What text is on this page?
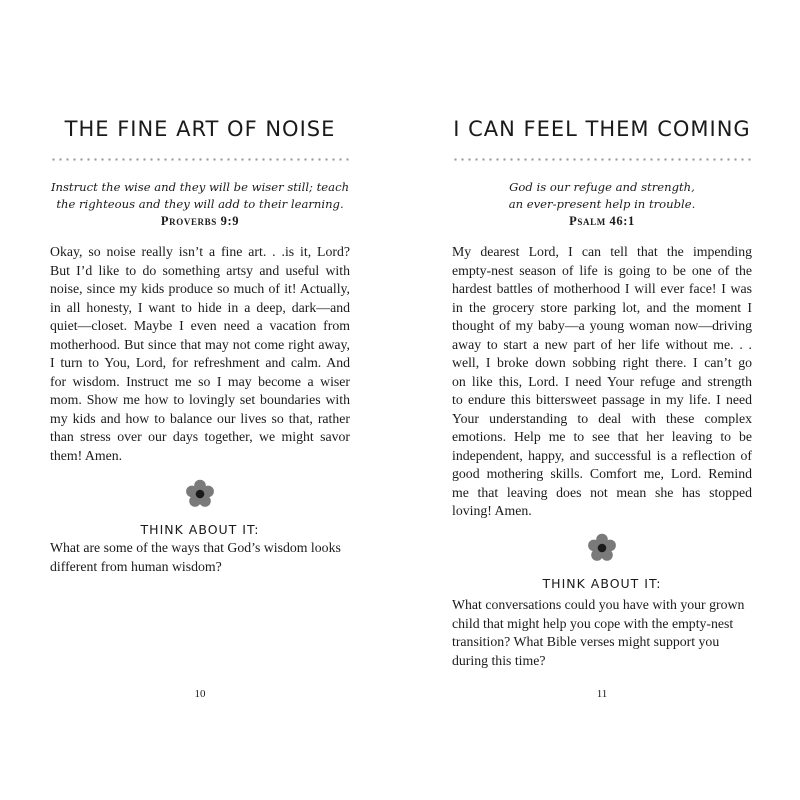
THE FINE ART OF NOISE
Instruct the wise and they will be wiser still; teach
the righteous and they will add to their learning.
Proverbs 9:9
Okay, so noise really isn’t a fine art. . .is it, Lord?
But I’d like to do something artsy and useful with
noise, since my kids produce so much of it! Actually,
in all honesty, I want to hide in a deep, dark—and
quiet—closet. Maybe I even need a vacation from
motherhood. But since that may not come right away,
I turn to You, Lord, for refreshment and calm. And
for wisdom. Instruct me so I may become a wiser
mom. Show me how to lovingly set boundaries with
my kids and how to balance our lives so that, rather
than stress over our days together, we might savor
them! Amen.
THINK ABOUT IT:
What are some of the ways that God’s wisdom looks
different from human wisdom?
10
I CAN FEEL THEM COMING
God is our refuge and strength,
an ever-present help in trouble.
Psalm 46:1
My dearest Lord, I can tell that the impending
empty-nest season of life is going to be one of the
hardest battles of motherhood I will ever face! I was
in the grocery store parking lot, and the moment I
thought of my baby—a young woman now—driving
away to start a new part of her life without me. . .
well, I broke down sobbing right there. I can’t go
on like this, Lord. I need Your refuge and strength
to endure this bittersweet passage in my life. I need
Your understanding to deal with these complex
emotions. Help me to see that her leaving to be
independent, happy, and successful is a reflection of
good mothering skills. Comfort me, Lord. Remind
me that leaving does not mean she has stopped
loving! Amen.
THINK ABOUT IT:
What conversations could you have with your grown
child that might help you cope with the empty-nest
transition? What Bible verses might support you
during this time?
11
